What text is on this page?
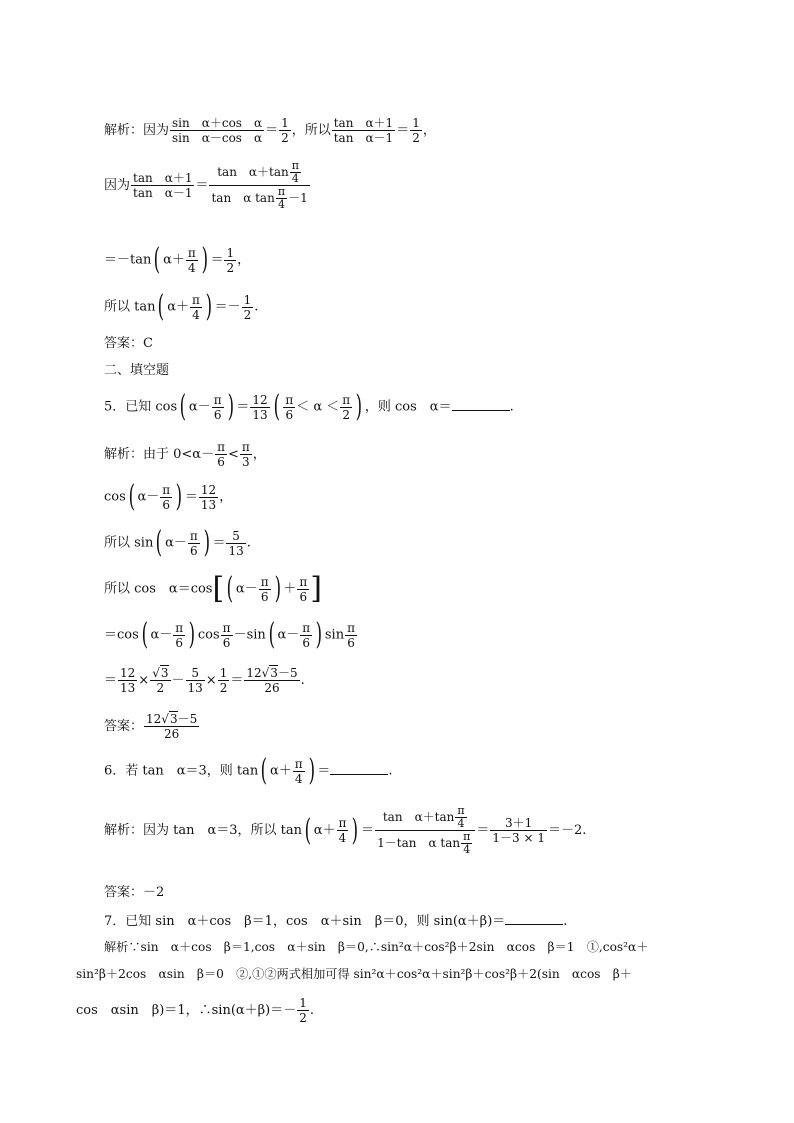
解析：因为 $\frac{\text{sin　α＋cos　α}}{\text{sin　α－cos　α}} = \frac{1}{2}$ ，所以 $\frac{\text{tan　α＋1}}{\text{tan　α－1}} = \frac{1}{2}$ ，
因为 $\frac{\text{tan　α＋1}}{\text{tan　α－1}} = \frac{\tan \alpha+\tan \frac{\pi}{4}}{\tan \alpha \tan \frac{\pi}{4} -1}$
＝－tan( $\alpha+ \frac{\pi}{4}$ ) ＝ $\frac{1}{2}$ ，
所以 tan( $\alpha+ \frac{\pi}{4}$ ) ＝－ $\frac{1}{2}$ .
答案：C
二、填空题
5．已知 cos( $\alpha- \frac{\pi}{6}$ ) ＝ $\frac{12}{13}$ ( $\frac{\pi}{6} < \alpha < \frac{\pi}{2}$ ) ，则 cos　α＝	.
解析：由于 $0<\alpha- \frac{\pi}{6} < \frac{\pi}{3}$ ，
cos( $\alpha- \frac{\pi}{6}$ ) ＝ $\frac{12}{13}$ ，
所以 sin( $\alpha- \frac{\pi}{6}$ ) ＝ $\frac{5}{13}$ .
所以 cos　α＝cos[( $\alpha- \frac{\pi}{6}$ ) ＋ $\frac{\pi}{6}$ ]
＝cos( $\alpha- \frac{\pi}{6}$ ) $\cos \frac{\pi}{6} -\sin$( $\alpha- \frac{\pi}{6}$ ) $\sin \frac{\pi}{6}$
＝ $\frac{12}{13} \times \frac{√3}{2} - \frac{5}{13} \times \frac{1}{2} = \frac{12√3-5}{26}$ .
答案： $\frac{12√3-5}{26}$
6．若 tan　α＝3，则 tan( $\alpha+ \frac{\pi}{4}$ ) ＝	.
解析：因为 tan　α＝3，所以 tan( $\alpha+ \frac{\pi}{4}$ ) ＝ $\frac{\tan \alpha+\tan \frac{\pi}{4}}{1-\tan \alpha \tan \frac{\pi}{4}} = \frac{3+1}{1-3 \times 1} =-2$.
答案：－2
7．已知 sin　α＋cos　β＝1，cos　α＋sin　β＝0，则 sin(α＋β)＝	.
解析∵sin　α＋cos　β＝1,cos　α＋sin　β＝0,∴sin²α＋cos²β＋2sin　αcos　β＝1　①,cos²α＋
sin²β＋2cos　αsin　β＝0　②,①②两式相加可得 sin²α＋cos²α＋sin²β＋cos²β＋2(sin　αcos　β＋
cos　αsin　β)＝1，∴sin(α＋β)＝－ $\frac{1}{2}$ .
